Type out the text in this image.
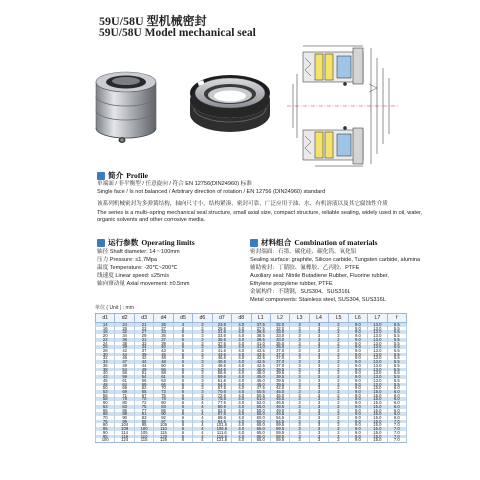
59U/58U 型机械密封
59U/58U Model mechanical seal
简介 Profile
单端面 / 非平衡型 / 任意旋向 / 符合 EN 12756(DIN24960) 标准
Single face / Is not balanced / Arbitrary direction of rotation / EN 12756 (DIN24960) standard
该系列机械密封为多弹簧结构，轴向尺寸小，结构紧凑，密封可靠，广泛应用于油、水、有机溶液以及其它腐蚀性介质
The series is a multi–spring mechanical seal structure, small axial size, compact structure, reliable sealing, widely used in oil, water, organic solvents and other corrosive media.
运行参数 Operating limits
轴径 Shaft diameter: 14～100mm
压力 Pressure: ≤1.7Mpa
温度 Temperature: -20℃~200℃
线速度 Linear speed: ≤25m/s
轴向窜动量 Axial movement: ±0.5mm
材料组合 Combination of materials
密封端面：石墨、碳化硅、碳化钨、氧化铝
Sealing surface: graphite, Silicon carbide, Tungsten carbide, alumina
辅助密封：丁腈胶、氟橡胶、乙丙胶、PTFE
Auxiliary seal: Nitrile Butadiene Rubber, Fluorine rubber,
Ethylene propylene rubber, PTFE
金属构件：不锈钢，SUS304、SUS316L
Metal components: Stainless steel, SUS304, SUS316L
单位 ( Unit ) : mm
d1	d2	d3	d4	d5	d6	d7	d8	L1	L2	L3	L4	L5	L6	L7	f
14	24	21	25	4	3	23.6	4.0	37.5	32.0	3	3	2	9.0	13.0	5.5
16	26	23	27	4	3	25.6	4.0	37.5	32.0	3	3	2	9.0	13.0	5.5
18	32	27	33	5	3	31.6	4.0	38.5	33.0	3	3	2	9.0	13.0	5.5
20	34	29	35	5	3	33.6	4.0	38.5	33.0	3	3	2	9.0	13.0	5.5
22	36	31	37	5	3	35.6	4.0	38.5	33.0	3	3	2	9.0	13.0	5.5
24	38	33	39	5	3	37.6	4.0	41.0	35.5	3	3	2	9.0	13.0	5.5
25	39	34	40	5	3	38.6	4.0	41.0	35.5	3	3	2	9.0	13.0	5.5
28	42	37	43	5	3	41.6	4.0	42.5	37.0	3	3	2	9.0	13.0	5.5
30	44	39	45	5	3	43.6	4.0	42.5	37.0	3	3	2	9.0	13.0	5.5
32	46	42	48	6	3	46.6	4.0	42.5	37.0	3	3	2	9.0	13.0	5.5
33	47	42	48	6	3	46.6	4.0	42.5	37.0	3	3	2	9.0	13.0	5.5
35	49	44	50	6	3	48.6	4.0	42.5	37.0	3	3	2	9.0	13.0	5.5
38	54	49	56	6	3	54.6	4.0	45.0	39.5	3	3	2	9.0	13.0	5.5
40	56	51	58	6	3	56.6	4.0	45.0	39.5	3	3	2	9.0	13.0	5.5
43	59	54	61	6	3	59.6	4.0	45.0	39.5	3	3	2	9.0	13.0	5.5
45	61	56	63	6	3	61.6	4.0	45.0	39.5	3	3	2	9.0	13.0	5.5
48	64	59	66	6	3	64.6	4.0	45.0	39.5	3	3	2	9.0	13.0	5.5
50	66	62	70	6	3	67.6	4.0	47.5	42.0	3	3	2	9.0	15.0	6.0
53	69	65	73	6	3	70.6	4.0	50.5	45.0	3	3	2	9.0	15.0	6.0
55	71	67	75	6	3	72.6	4.0	50.5	45.0	3	3	2	9.0	15.0	6.0
58	78	70	78	6	4	75.6	4.0	51.0	45.5	3	3	2	9.0	15.0	6.0
60	80	72	80	6	4	77.6	4.0	52.0	46.5	3	3	2	9.0	15.0	6.0
63	83	75	83	6	4	80.6	4.0	55.0	49.5	3	3	2	9.0	15.0	6.0
65	85	77	85	6	4	82.6	4.0	55.0	49.5	3	3	2	9.0	15.0	6.0
68	88	81	90	6	4	87.6	4.0	55.0	49.5	3	3	2	9.0	15.0	6.0
70	90	83	92	6	4	89.6	4.0	60.0	54.5	3	3	2	9.0	15.0	6.0
75	99	88	97	6	4	94.6	4.0	60.0	54.5	3	3	2	9.0	15.0	7.0
80	104	95	105	6	4	101.6	4.0	65.0	59.5	3	3	2	9.0	15.0	7.0
85	109	100	110	6	4	106.6	4.0	65.0	59.5	3	3	2	9.0	15.0	7.0
90	114	105	115	6	4	111.6	4.0	65.0	59.5	3	3	2	9.0	15.0	7.0
95	119	110	120	6	4	116.6	4.0	65.0	59.5	3	3	2	9.0	15.0	7.0
100	124	115	125	6	4	121.6	4.0	65.0	59.5	3	3	2	9.0	15.0	7.0
